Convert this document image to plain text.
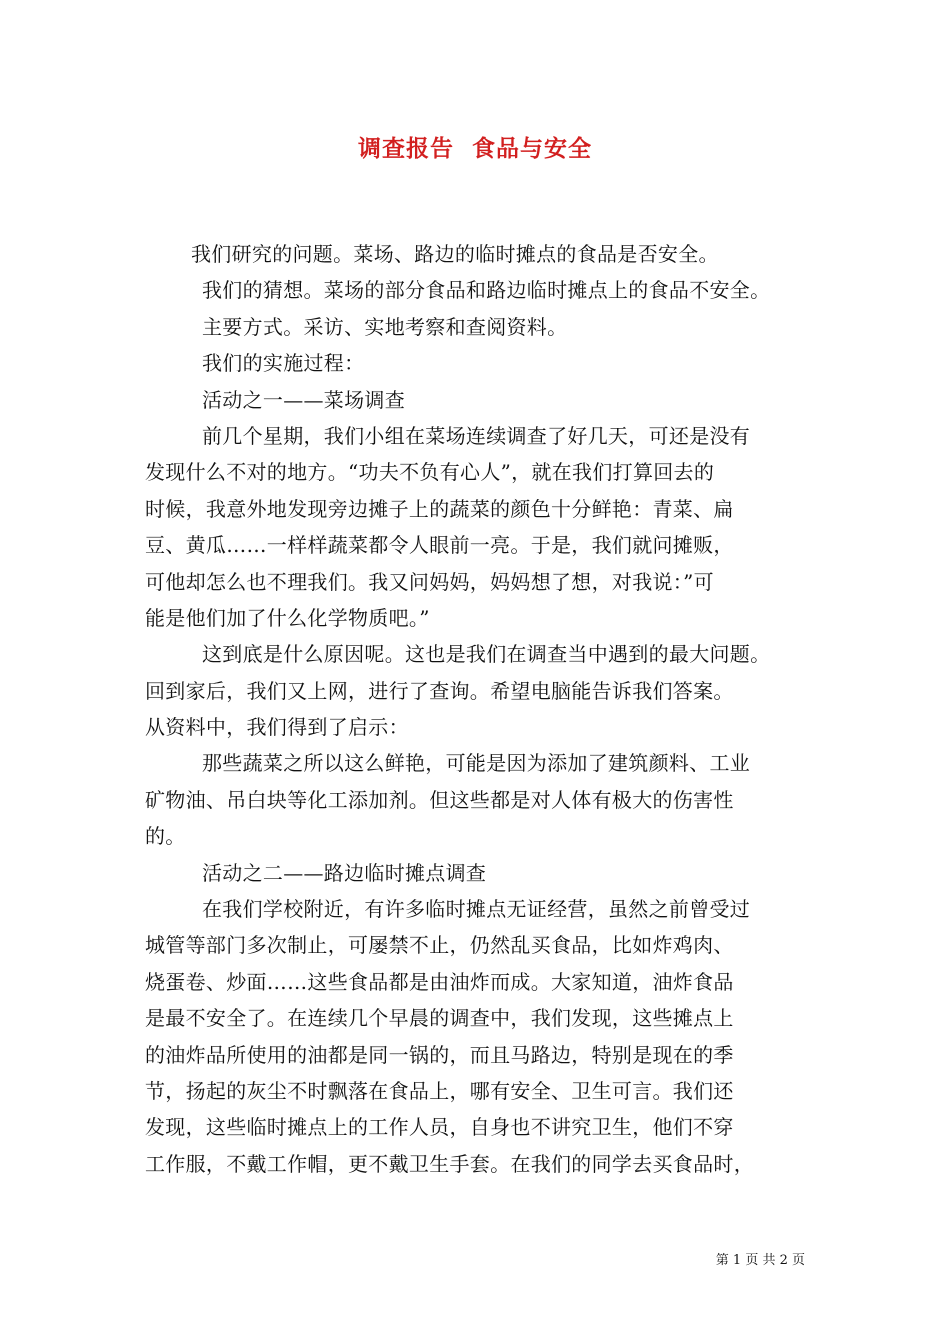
调查报告  食品与安全
我们研究的问题。菜场、路边的临时摊点的食品是否安全。
我们的猜想。菜场的部分食品和路边临时摊点上的食品不安全。
主要方式。采访、实地考察和查阅资料。
我们的实施过程：
活动之一——菜场调查
前几个星期，我们小组在菜场连续调查了好几天，可还是没有
发现什么不对的地方。“功夫不负有心人”，就在我们打算回去的
时候，我意外地发现旁边摊子上的蔬菜的颜色十分鲜艳：青菜、扁
豆、黄瓜……一样样蔬菜都令人眼前一亮。于是，我们就问摊贩，
可他却怎么也不理我们。我又问妈妈，妈妈想了想，对我说：”可
能是他们加了什么化学物质吧。”
这到底是什么原因呢。这也是我们在调查当中遇到的最大问题。
回到家后，我们又上网，进行了查询。希望电脑能告诉我们答案。
从资料中，我们得到了启示：
那些蔬菜之所以这么鲜艳，可能是因为添加了建筑颜料、工业
矿物油、吊白块等化工添加剂。但这些都是对人体有极大的伤害性
的。
活动之二——路边临时摊点调查
在我们学校附近，有许多临时摊点无证经营，虽然之前曾受过
城管等部门多次制止，可屡禁不止，仍然乱买食品，比如炸鸡肉、
烧蛋卷、炒面……这些食品都是由油炸而成。大家知道，油炸食品
是最不安全了。在连续几个早晨的调查中，我们发现，这些摊点上
的油炸品所使用的油都是同一锅的，而且马路边，特别是现在的季
节，扬起的灰尘不时飘落在食品上，哪有安全、卫生可言。我们还
发现，这些临时摊点上的工作人员，自身也不讲究卫生，他们不穿
工作服，不戴工作帽，更不戴卫生手套。在我们的同学去买食品时，
第 1 页 共 2 页
